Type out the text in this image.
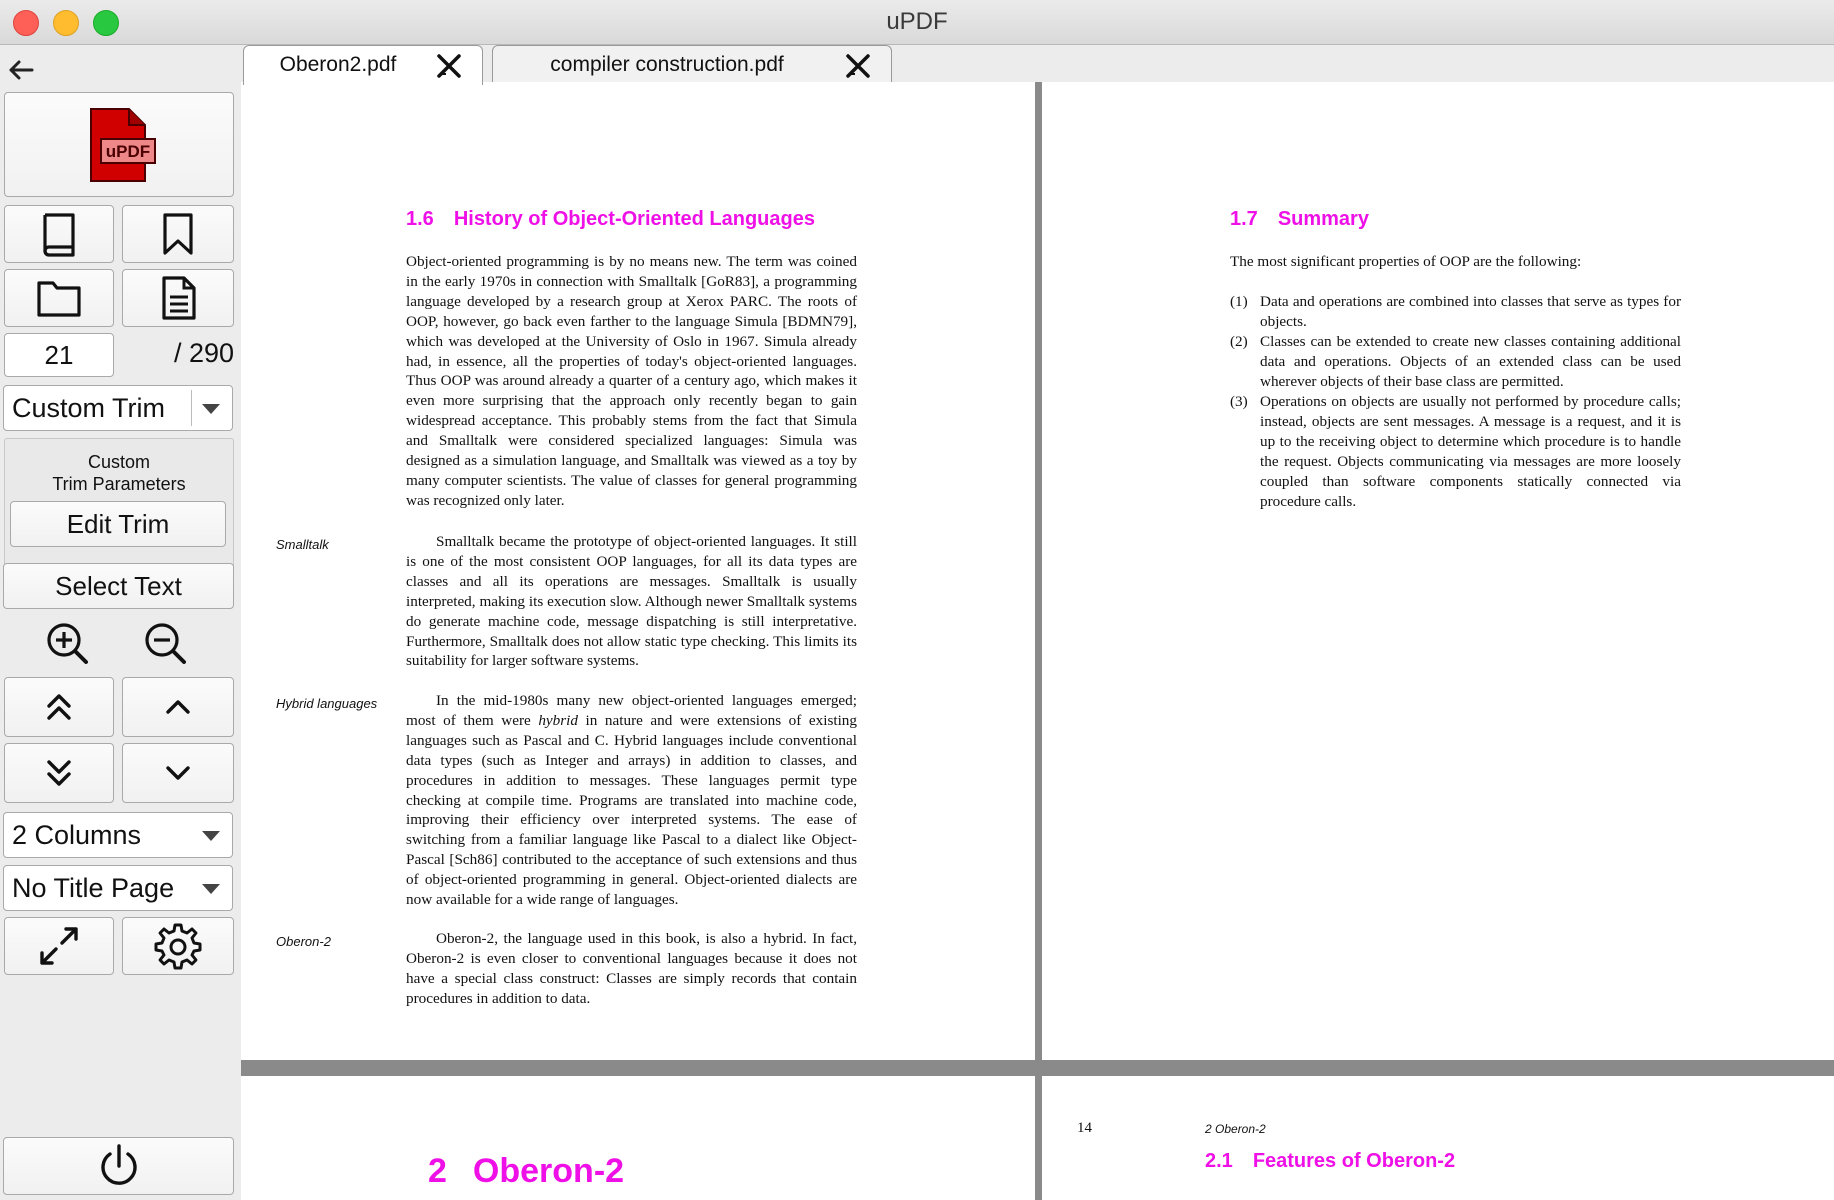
uPDF
uPDF
21	/ 290
Custom Trim
Custom
Trim Parameters
Edit Trim
Select Text
2 Columns
No Title Page
Oberon2.pdf	compiler construction.pdf
1.6 History of Object-Oriented Languages

Object-oriented programming is by no means new. The term was coined in the early 1970s in connection with Smalltalk [GoR83], a programming language developed by a research group at Xerox PARC. The roots of OOP, however, go back even farther to the language Simula [BDMN79], which was developed at the University of Oslo in 1967. Simula already had, in essence, all the properties of today's object-oriented languages. Thus OOP was around already a quarter of a century ago, which makes it even more surprising that the approach only recently began to gain widespread acceptance. This probably stems from the fact that Simula and Smalltalk were considered specialized languages: Simula was designed as a simulation language, and Smalltalk was viewed as a toy by many computer scientists. The value of classes for general programming was recognized only later.

Smalltalk	Smalltalk became the prototype of object-oriented languages. It still is one of the most consistent OOP languages, for all its data types are classes and all its operations are messages. Smalltalk is usually interpreted, making its execution slow. Although newer Smalltalk systems do generate machine code, message dispatching is still interpretative. Furthermore, Smalltalk does not allow static type checking. This limits its suitability for larger software systems.

Hybrid languages	In the mid-1980s many new object-oriented languages emerged; most of them were hybrid in nature and were extensions of existing languages such as Pascal and C. Hybrid languages include conventional data types (such as Integer and arrays) in addition to classes, and procedures in addition to messages. These languages permit type checking at compile time. Programs are translated into machine code, improving their efficiency over interpreted systems. The ease of switching from a familiar language like Pascal to a dialect like Object-Pascal [Sch86] contributed to the acceptance of such extensions and thus of object-oriented programming in general. Object-oriented dialects are now available for a wide range of languages.

Oberon-2	Oberon-2, the language used in this book, is also a hybrid. In fact, Oberon-2 is even closer to conventional languages because it does not have a special class construct: Classes are simply records that contain procedures in addition to data.

1.7 Summary

The most significant properties of OOP are the following:

(1) Data and operations are combined into classes that serve as types for objects.
(2) Classes can be extended to create new classes containing additional data and operations. Objects of an extended class can be used wherever objects of their base class are permitted.
(3) Operations on objects are usually not performed by procedure calls; instead, objects are sent messages. A message is a request, and it is up to the receiving object to determine which procedure is to handle the request. Objects communicating via messages are more loosely coupled than software components statically connected via procedure calls.
2 Oberon-2
14	2 Oberon-2
2.1 Features of Oberon-2
